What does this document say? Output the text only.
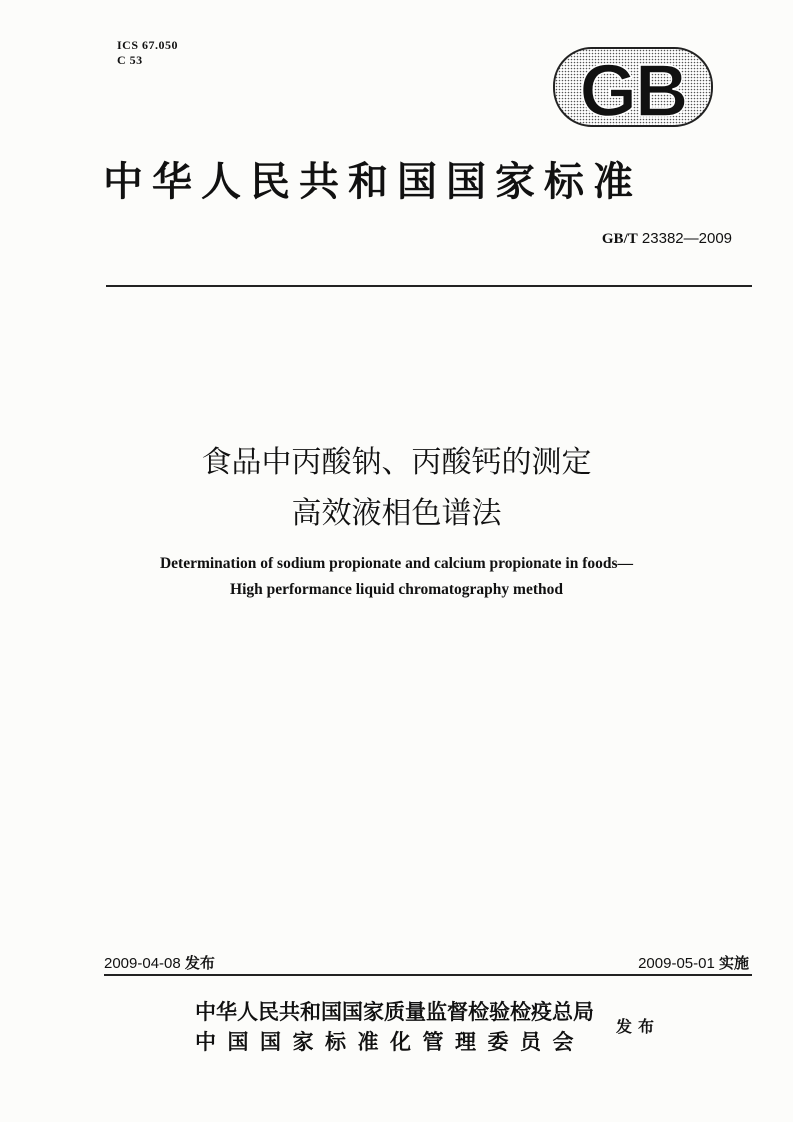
ICS 67.050
C 53	GB
中华人民共和国国家标准
GB/T 23382—2009
食品中丙酸钠、丙酸钙的测定
高效液相色谱法
Determination of sodium propionate and calcium propionate in foods—
High performance liquid chromatography method
2009-04-08 发布	2009-05-01 实施
中华人民共和国国家质量监督检验检疫总局
中国国家标准化管理委员会
发布
